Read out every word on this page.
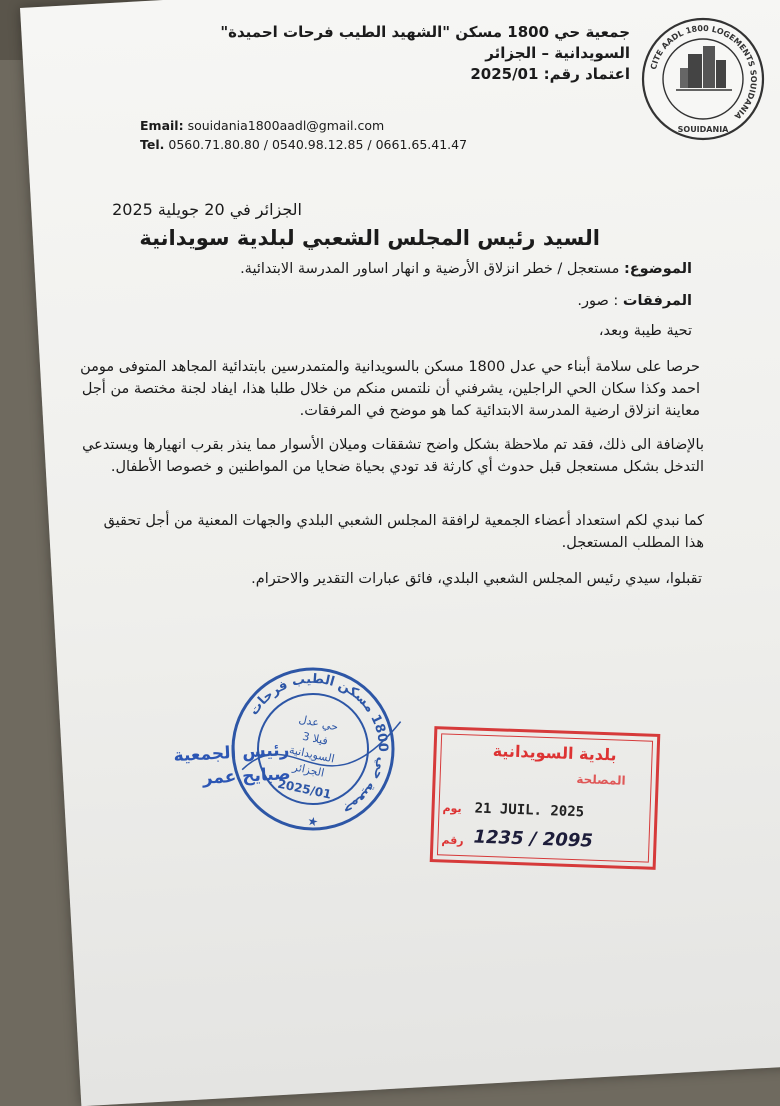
جمعية حي 1800 مسكن "الشهيد الطيب فرحات احميدة"
السويدانية – الجزائر
اعتماد رقم: 2025/01 CITE AADL 1800 LOGEMENTS SOUIDANIA
SOUIDANIA
Email: souidania1800aadl@gmail.com
Tel. 0560.71.80.80 / 0540.98.12.85 / 0661.65.41.47
الجزائر في 20 جويلية 2025
السيد رئيس المجلس الشعبي لبلدية سويدانية
الموضوع: مستعجل / خطر انزلاق الأرضية و انهار اساور المدرسة الابتدائية.
المرفقات : صور.
تحية طيبة وبعد،
حرصا على سلامة أبناء حي عدل 1800 مسكن بالسويدانية والمتمدرسين بابتدائية المجاهد المتوفى مومن احمد وكذا سكان الحي الراجلين، يشرفني أن نلتمس منكم من خلال طلبا هذا، ايفاد لجنة مختصة من أجل معاينة انزلاق ارضية المدرسة الابتدائية كما هو موضح في المرفقات.
بالإضافة الى ذلك، فقد تم ملاحظة بشكل واضح تشققات وميلان الأسوار مما ينذر بقرب انهيارها ويستدعي التدخل بشكل مستعجل قبل حدوث أي كارثة قد تودي بحياة ضحايا من المواطنين و خصوصا الأطفال.
كما نبدي لكم استعداد أعضاء الجمعية لرافقة المجلس الشعبي البلدي والجهات المعنية من أجل تحقيق هذا المطلب المستعجل.
تقبلوا، سيدي رئيس المجلس الشعبي البلدي، فائق عبارات التقدير والاحترام.
رئيس الجمعية
صبايح عمر
جمعية حي 1800 مسكن الطيب فرحات
حي عدل
فيلا 3
السويدانية
الجزائر
2025/01
★
بلدية السويدانية
المصلحة
يوم 21 JUIL. 2025
رقم 1235 / 2095
